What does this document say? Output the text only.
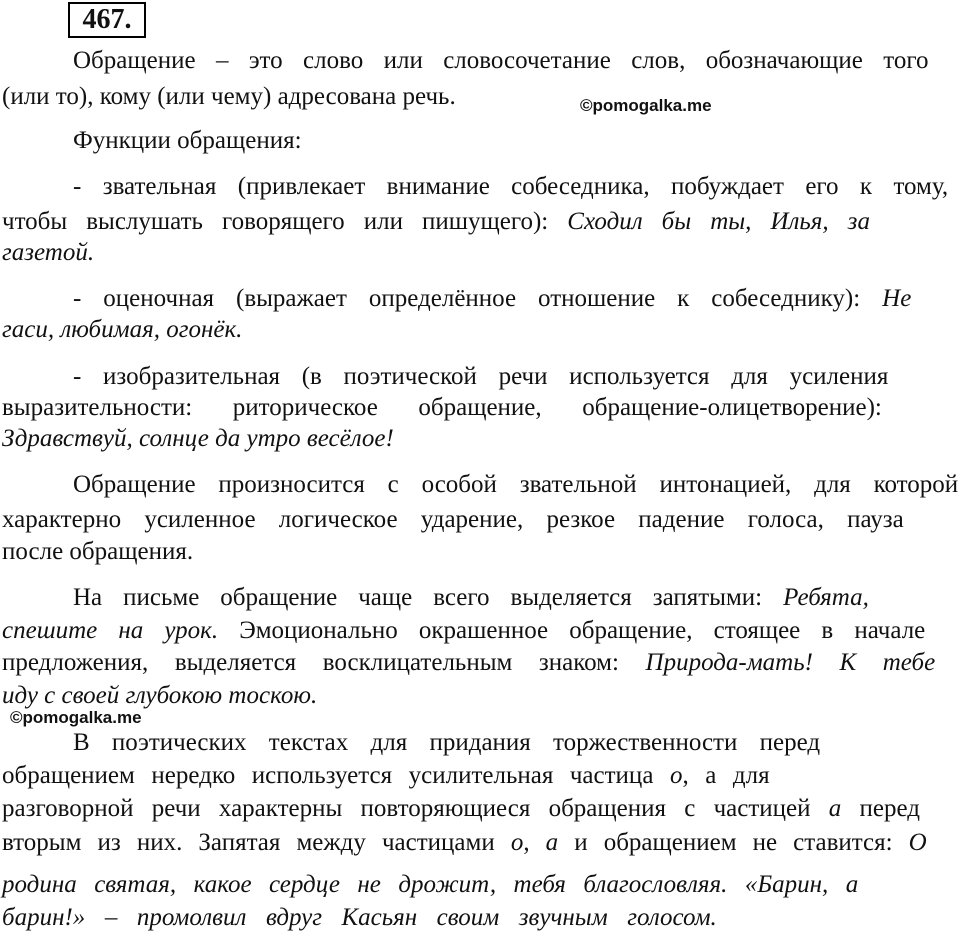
467.
©pomogalka.me
©pomogalka.me
Обращение – это слово или словосочетание слов, обозначающие того
(или то), кому (или чему) адресована речь.
Функции обращения:
- звательная (привлекает внимание собеседника, побуждает его к тому,
чтобы выслушать говорящего или пишущего): Сходил бы ты, Илья, за
газетой.
- оценочная (выражает определённое отношение к собеседнику): Не
гаси, любимая, огонёк.
- изобразительная (в поэтической речи используется для усиления
выразительности: риторическое обращение, обращение-олицетворение):
Здравствуй, солнце да утро весёлое!
Обращение произносится с особой звательной интонацией, для которой
характерно усиленное логическое ударение, резкое падение голоса, пауза
после обращения.
На письме обращение чаще всего выделяется запятыми: Ребята,
спешите на урок. Эмоционально окрашенное обращение, стоящее в начале
предложения, выделяется восклицательным знаком: Природа-мать! К тебе
иду с своей глубокою тоскою.
В поэтических текстах для придания торжественности перед
обращением нередко используется усилительная частица о, а для
разговорной речи характерны повторяющиеся обращения с частицей а перед
вторым из них. Запятая между частицами о, а и обращением не ставится: О
родина святая, какое сердце не дрожит, тебя благословляя. «Барин, а
барин!» – промолвил вдруг Касьян своим звучным голосом.
